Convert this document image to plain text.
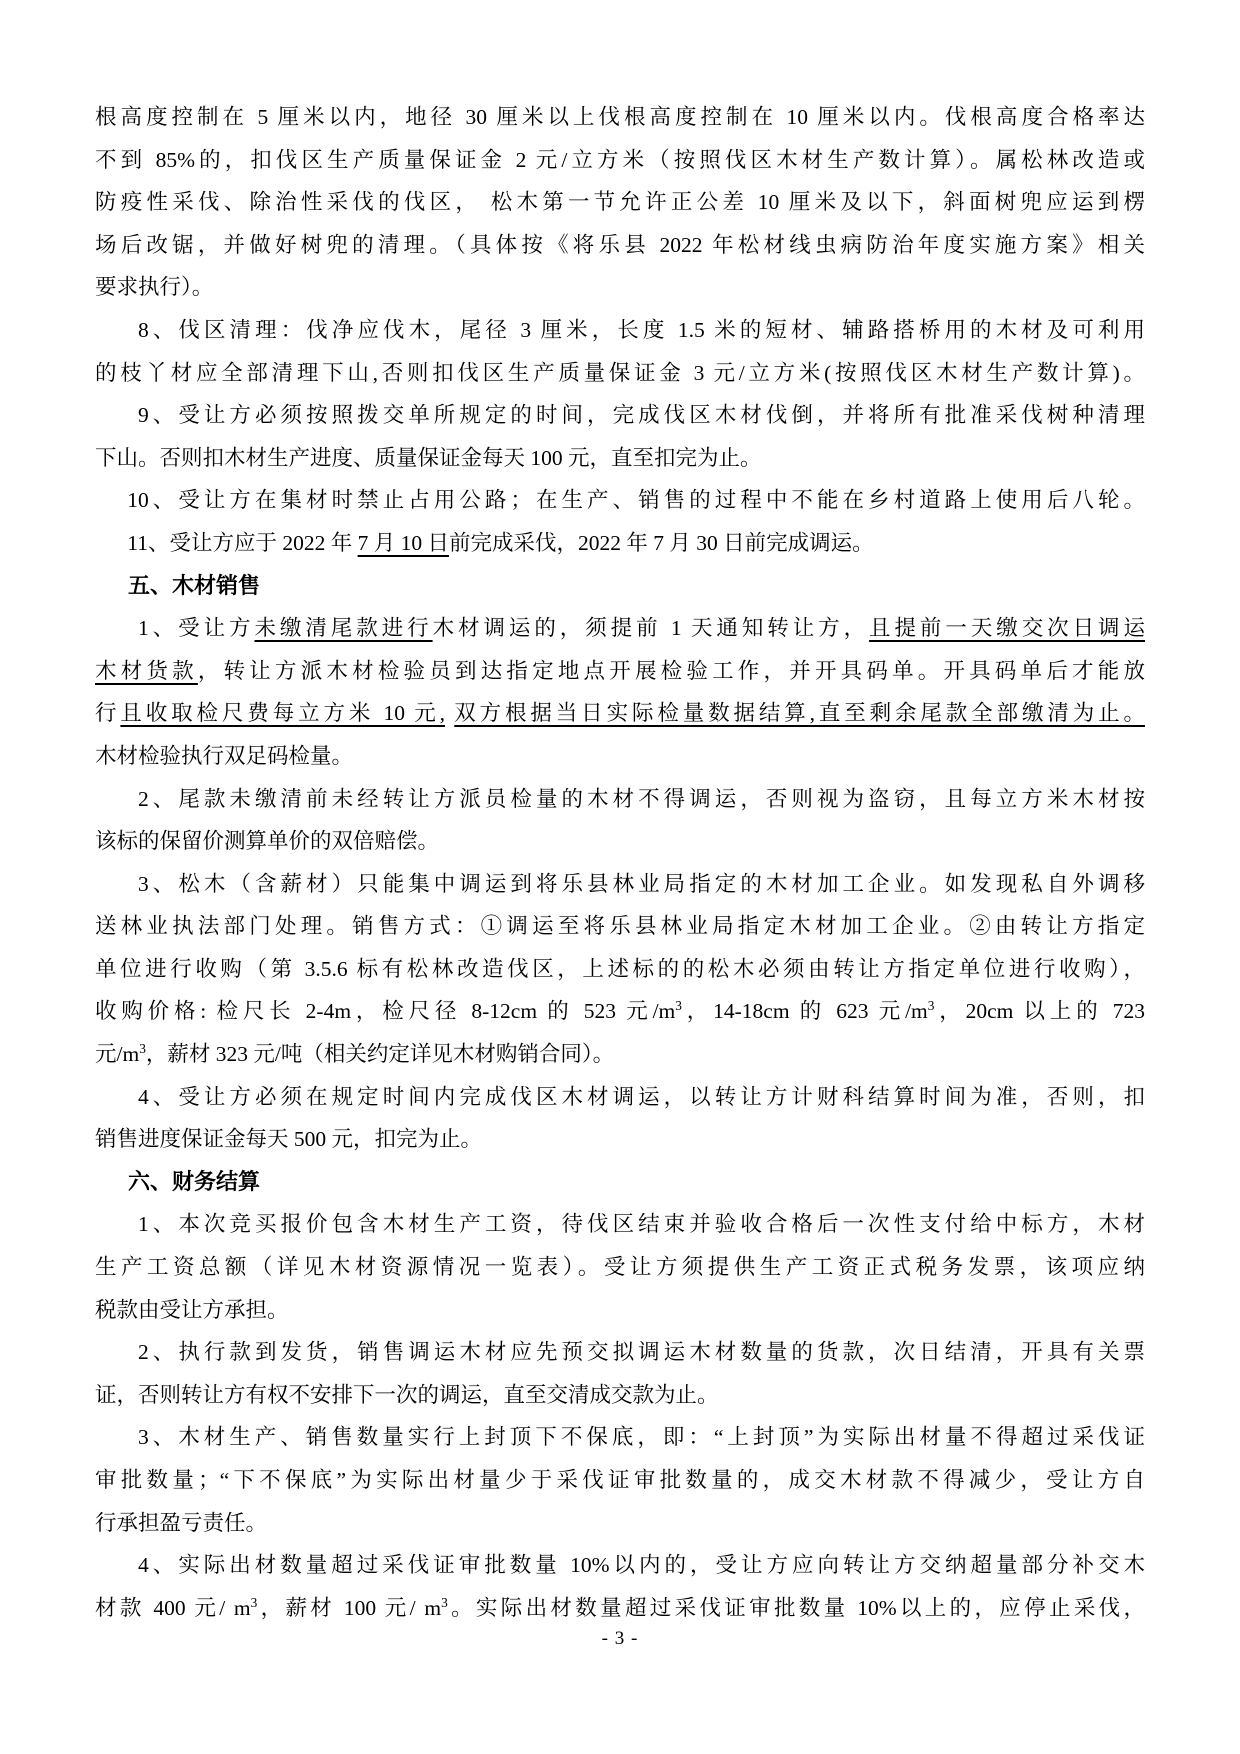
根高度控制在 5 厘米以内，地径 30 厘米以上伐根高度控制在 10 厘米以内。伐根高度合格率达
不到 85%的，扣伐区生产质量保证金 2 元/立方米（按照伐区木材生产数计算）。属松林改造或
防疫性采伐、除治性采伐的伐区， 松木第一节允许正公差 10 厘米及以下，斜面树兜应运到楞
场后改锯，并做好树兜的清理。（具体按《将乐县 2022 年松材线虫病防治年度实施方案》相关
要求执行）。
8、伐区清理：伐净应伐木，尾径 3 厘米，长度 1.5 米的短材、辅路搭桥用的木材及可利用
的枝丫材应全部清理下山,否则扣伐区生产质量保证金 3 元/立方米(按照伐区木材生产数计算)。
9、受让方必须按照拨交单所规定的时间，完成伐区木材伐倒，并将所有批准采伐树种清理
下山。否则扣木材生产进度、质量保证金每天 100 元，直至扣完为止。
10、受让方在集材时禁止占用公路；在生产、销售的过程中不能在乡村道路上使用后八轮。
11、受让方应于 2022 年 7 月 10 日前完成采伐，2022 年 7 月 30 日前完成调运。
五、木材销售
1、受让方未缴清尾款进行木材调运的，须提前 1 天通知转让方，且提前一天缴交次日调运
木材货款，转让方派木材检验员到达指定地点开展检验工作，并开具码单。开具码单后才能放
行且收取检尺费每立方米 10 元, 双方根据当日实际检量数据结算,直至剩余尾款全部缴清为止。
木材检验执行双足码检量。
2、尾款未缴清前未经转让方派员检量的木材不得调运，否则视为盗窃，且每立方米木材按
该标的保留价测算单价的双倍赔偿。
3、松木（含薪材）只能集中调运到将乐县林业局指定的木材加工企业。如发现私自外调移
送林业执法部门处理。销售方式：①调运至将乐县林业局指定木材加工企业。②由转让方指定
单位进行收购（第 3.5.6 标有松林改造伐区，上述标的的松木必须由转让方指定单位进行收购），
收购价格: 检尺长 2-4m，检尺径 8-12cm 的 523 元$/m^3$，14-18cm 的 623 元$/m^3$，20cm 以上的 723
元$/m^3$，薪材 323 元/吨（相关约定详见木材购销合同）。
4、受让方必须在规定时间内完成伐区木材调运，以转让方计财科结算时间为准，否则，扣
销售进度保证金每天 500 元，扣完为止。
六、财务结算
1、本次竞买报价包含木材生产工资，待伐区结束并验收合格后一次性支付给中标方，木材
生产工资总额（详见木材资源情况一览表）。受让方须提供生产工资正式税务发票，该项应纳
税款由受让方承担。
2、执行款到发货，销售调运木材应先预交拟调运木材数量的货款，次日结清，开具有关票
证，否则转让方有权不安排下一次的调运，直至交清成交款为止。
3、木材生产、销售数量实行上封顶下不保底，即：“上封顶”为实际出材量不得超过采伐证
审批数量；“下不保底”为实际出材量少于采伐证审批数量的，成交木材款不得减少，受让方自
行承担盈亏责任。
4、实际出材数量超过采伐证审批数量 10%以内的，受让方应向转让方交纳超量部分补交木
材款 400 元/ $m^3$，薪材 100 元/ $m^3$。实际出材数量超过采伐证审批数量 10%以上的，应停止采伐，
- 3 -
